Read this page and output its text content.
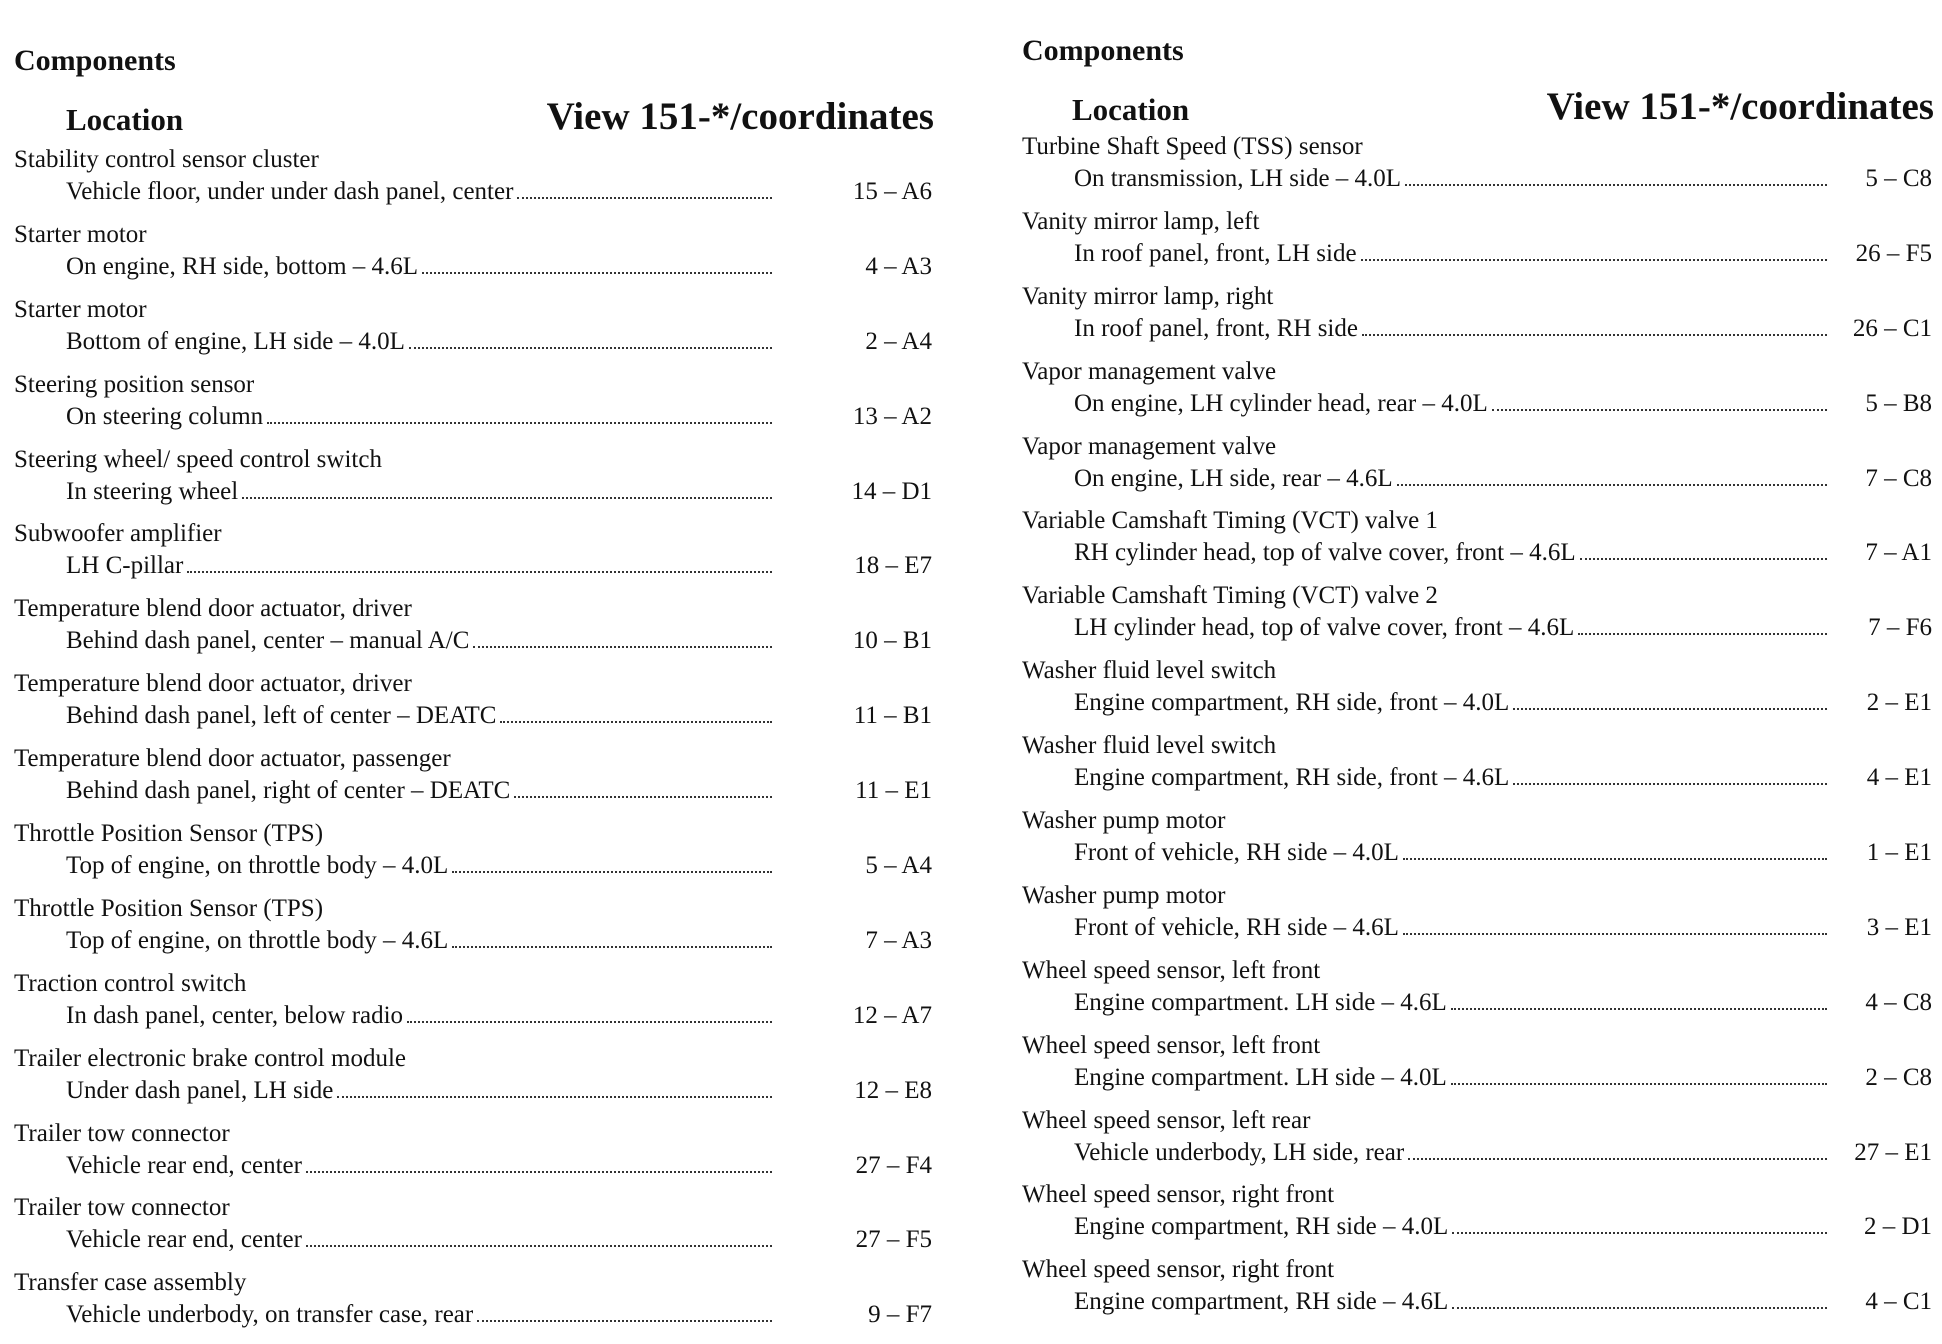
Components
Location	View 151-*/coordinates
Stability control sensor cluster
Vehicle floor, under under dash panel, center	15 – A6
Starter motor
On engine, RH side, bottom – 4.6L	4 – A3
Starter motor
Bottom of engine, LH side – 4.0L	2 – A4
Steering position sensor
On steering column	13 – A2
Steering wheel/ speed control switch
In steering wheel	14 – D1
Subwoofer amplifier
LH C-pillar	18 – E7
Temperature blend door actuator, driver
Behind dash panel, center – manual A/C	10 – B1
Temperature blend door actuator, driver
Behind dash panel, left of center – DEATC	11 – B1
Temperature blend door actuator, passenger
Behind dash panel, right of center – DEATC	11 – E1
Throttle Position Sensor (TPS)
Top of engine, on throttle body – 4.0L	5 – A4
Throttle Position Sensor (TPS)
Top of engine, on throttle body – 4.6L	7 – A3
Traction control switch
In dash panel, center, below radio	12 – A7
Trailer electronic brake control module
Under dash panel, LH side	12 – E8
Trailer tow connector
Vehicle rear end, center	27 – F4
Trailer tow connector
Vehicle rear end, center	27 – F5
Transfer case assembly
Vehicle underbody, on transfer case, rear	9 – F7
Components
Location	View 151-*/coordinates
Turbine Shaft Speed (TSS) sensor
On transmission, LH side – 4.0L	5 – C8
Vanity mirror lamp, left
In roof panel, front, LH side	26 – F5
Vanity mirror lamp, right
In roof panel, front, RH side	26 – C1
Vapor management valve
On engine, LH cylinder head, rear – 4.0L	5 – B8
Vapor management valve
On engine, LH side, rear – 4.6L	7 – C8
Variable Camshaft Timing (VCT) valve 1
RH cylinder head, top of valve cover, front – 4.6L	7 – A1
Variable Camshaft Timing (VCT) valve 2
LH cylinder head, top of valve cover, front – 4.6L	7 – F6
Washer fluid level switch
Engine compartment, RH side, front – 4.0L	2 – E1
Washer fluid level switch
Engine compartment, RH side, front – 4.6L	4 – E1
Washer pump motor
Front of vehicle, RH side – 4.0L	1 – E1
Washer pump motor
Front of vehicle, RH side – 4.6L	3 – E1
Wheel speed sensor, left front
Engine compartment. LH side – 4.6L	4 – C8
Wheel speed sensor, left front
Engine compartment. LH side – 4.0L	2 – C8
Wheel speed sensor, left rear
Vehicle underbody, LH side, rear	27 – E1
Wheel speed sensor, right front
Engine compartment, RH side – 4.0L	2 – D1
Wheel speed sensor, right front
Engine compartment, RH side – 4.6L	4 – C1
